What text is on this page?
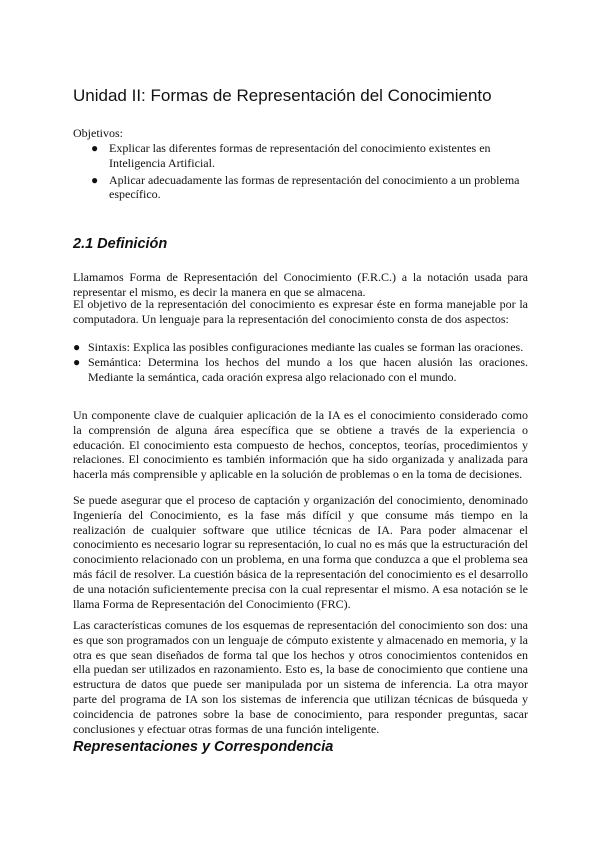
Unidad II: Formas de Representación del Conocimiento
Objetivos:
● Explicar las diferentes formas de representación del conocimiento existentes en Inteligencia Artificial.
● Aplicar adecuadamente las formas de representación del conocimiento a un problema específico.
2.1 Definición

Llamamos Forma de Representación del Conocimiento (F.R.C.) a la notación usada para representar el mismo, es decir la manera en que se almacena.

El objetivo de la representación del conocimiento es expresar éste en forma manejable por la computadora. Un lenguaje para la representación del conocimiento consta de dos aspectos:

● Sintaxis: Explica las posibles configuraciones mediante las cuales se forman las oraciones.
● Semántica: Determina los hechos del mundo a los que hacen alusión las oraciones. Mediante la semántica, cada oración expresa algo relacionado con el mundo.

Un componente clave de cualquier aplicación de la IA es el conocimiento considerado como la comprensión de alguna área específica que se obtiene a través de la experiencia o educación. El conocimiento esta compuesto de hechos, conceptos, teorías, procedimientos y relaciones. El conocimiento es también información que ha sido organizada y analizada para hacerla más comprensible y aplicable en la solución de problemas o en la toma de decisiones.

Se puede asegurar que el proceso de captación y organización del conocimiento, denominado Ingeniería del Conocimiento, es la fase más difícil y que consume más tiempo en la realización de cualquier software que utilice técnicas de IA. Para poder almacenar el conocimiento es necesario lograr su representación, lo cual no es más que la estructuración del conocimiento relacionado con un problema, en una forma que conduzca a que el problema sea más fácil de resolver. La cuestión básica de la representación del conocimiento es el desarrollo de una notación suficientemente precisa con la cual representar el mismo. A esa notación se le llama Forma de Representación del Conocimiento (FRC).

Las características comunes de los esquemas de representación del conocimiento son dos: una es que son programados con un lenguaje de cómputo existente y almacenado en memoria, y la otra es que sean diseñados de forma tal que los hechos y otros conocimientos contenidos en ella puedan ser utilizados en razonamiento. Esto es, la base de conocimiento que contiene una estructura de datos que puede ser manipulada por un sistema de inferencia. La otra mayor parte del programa de IA son los sistemas de inferencia que utilizan técnicas de búsqueda y coincidencia de patrones sobre la base de conocimiento, para responder preguntas, sacar conclusiones y efectuar otras formas de una función inteligente.

Representaciones y Correspondencia
